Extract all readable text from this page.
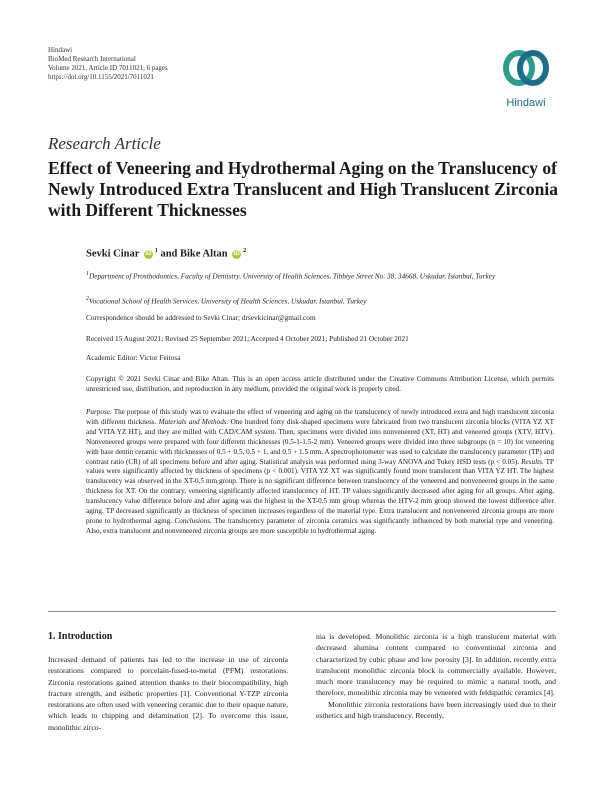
Hindawi
BioMed Research International
Volume 2021, Article ID 7011021, 6 pages
https://doi.org/10.1155/2021/7011021
Hindawi
Research Article
Effect of Veneering and Hydrothermal Aging on the Translucency of Newly Introduced Extra Translucent and High Translucent Zirconia with Different Thicknesses
Sevki Cinar iD $^1$ and Bike Altan iD $^2$
$^1$Department of Prosthodontics, Faculty of Dentistry, University of Health Sciences, Tibbiye Street No. 38, 34668, Uskudar, Istanbul, Turkey
$^2$Vocational School of Health Services, University of Health Sciences, Uskudar, Istanbul, Turkey
Correspondence should be addressed to Sevki Cinar; drsevkicinar@gmail.com
Received 15 August 2021; Revised 25 September 2021; Accepted 4 October 2021; Published 21 October 2021
Academic Editor: Victor Feitosa
Copyright © 2021 Sevki Cinar and Bike Altan. This is an open access article distributed under the Creative Commons Attribution License, which permits unrestricted use, distribution, and reproduction in any medium, provided the original work is properly cited.
Purpose. The purpose of this study was to evaluate the effect of veneering and aging on the translucency of newly introduced extra and high translucent zirconia with different thickness. Materials and Methods. One hundred forty disk-shaped specimens were fabricated from two translucent zirconia blocks (VITA YZ XT and VITA YZ HT), and they are milled with CAD/CAM system. Then, specimens were divided into nonveneered (XT, HT) and veneered groups (XTV, HTV). Nonveneered groups were prepared with four different thicknesses (0.5-1-1.5-2 mm). Veneered groups were divided into three subgroups (n = 10) for veneering with base dentin ceramic with thicknesses of 0.5 + 0.5, 0.5 + 1, and 0.5 + 1.5 mm. A spectrophotometer was used to calculate the translucency parameter (TP) and contrast ratio (CR) of all specimens before and after aging. Statistical analysis was performed using 3-way ANOVA and Tukey HSD tests (p < 0.05). Results. TP values were significantly affected by thickness of specimens (p < 0.001). VITA YZ XT was significantly found more translucent than VITA YZ HT. The highest translucency was observed in the XT-0.5 mm group. There is no significant difference between translucency of the veneered and nonveneered groups in the same thickness for XT. On the contrary, veneering significantly affected translucency of HT. TP values significantly decreased after aging for all groups. After aging, translucency value difference before and after aging was the highest in the XT-0.5 mm group whereas the HTV-2 mm group showed the lowest difference after aging. TP decreased significantly as thickness of specimen increases regardless of the material type. Extra translucent and nonveneered zirconia groups are more prone to hydrothermal aging. Conclusions. The translucency parameter of zirconia ceramics was significantly influenced by both material type and veneering. Also, extra translucent and nonveneered zirconia groups are more susceptible to hydrothermal aging.
1. Introduction

Increased demand of patients has led to the increase in use of zirconia restorations compared to porcelain-fused-to-metal (PFM) restorations. Zirconia restorations gained attention thanks to their biocompatibility, high fracture strength, and esthetic properties [1]. Conventional Y-TZP zirconia restorations are often used with veneering ceramic due to their opaque nature, which leads to chipping and delamination [2]. To overcome this issue, monolithic zirco-

nia is developed. Monolithic zirconia is a high translucent material with decreased alumina content compared to conventional zirconia and characterized by cubic phase and low porosity [3]. In addition, recently extra translucent monolithic zirconia block is commercially available. However, much more translucency may be required to mimic a natural tooth, and therefore, monolithic zirconia may be veneered with feldspathic ceramics [4].

Monolithic zirconia restorations have been increasingly used due to their esthetics and high translucency. Recently,
